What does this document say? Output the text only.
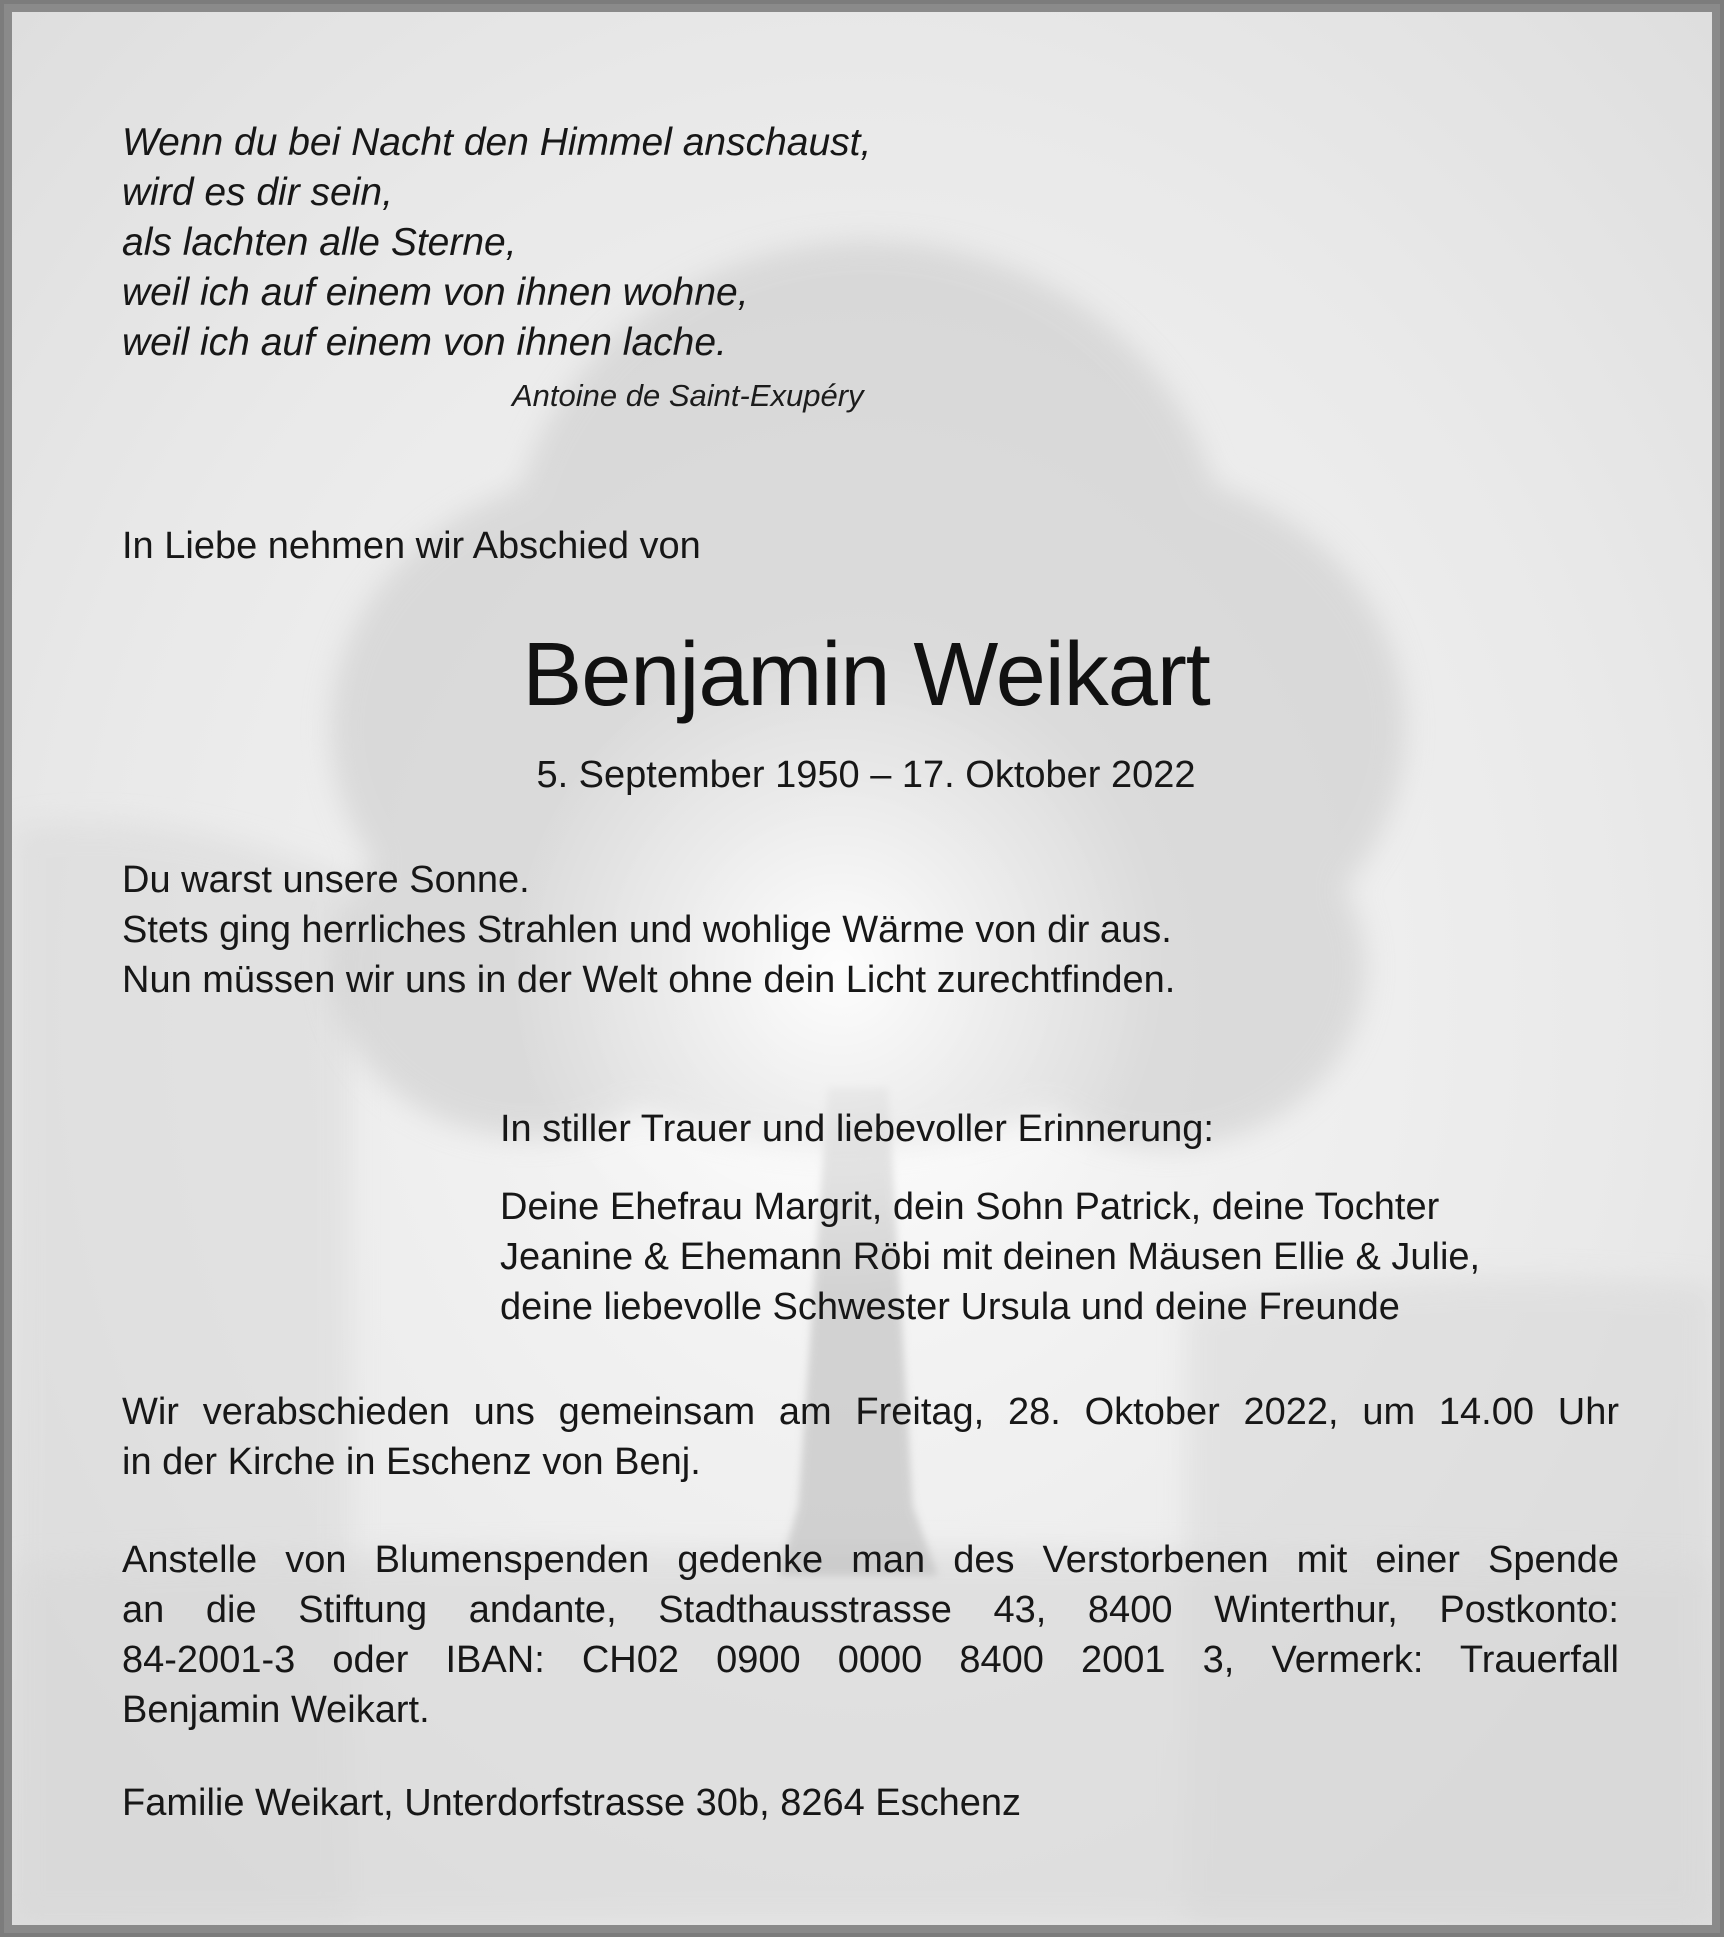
Wenn du bei Nacht den Himmel anschaust,
wird es dir sein,
als lachten alle Sterne,
weil ich auf einem von ihnen wohne,
weil ich auf einem von ihnen lache.
Antoine de Saint-Exupéry
In Liebe nehmen wir Abschied von
Benjamin Weikart
5. September 1950 – 17. Oktober 2022
Du warst unsere Sonne.
Stets ging herrliches Strahlen und wohlige Wärme von dir aus.
Nun müssen wir uns in der Welt ohne dein Licht zurechtfinden.
In stiller Trauer und liebevoller Erinnerung:
Deine Ehefrau Margrit, dein Sohn Patrick, deine Tochter
Jeanine & Ehemann Röbi mit deinen Mäusen Ellie & Julie,
deine liebevolle Schwester Ursula und deine Freunde
Wir verabschieden uns gemeinsam am Freitag, 28. Oktober 2022, um 14.00 Uhr
in der Kirche in Eschenz von Benj.
Anstelle von Blumenspenden gedenke man des Verstorbenen mit einer Spende
an die Stiftung andante, Stadthausstrasse 43, 8400 Winterthur, Postkonto:
84-2001-3 oder IBAN: CH02 0900 0000 8400 2001 3, Vermerk: Trauerfall
Benjamin Weikart.
Familie Weikart, Unterdorfstrasse 30b, 8264 Eschenz
